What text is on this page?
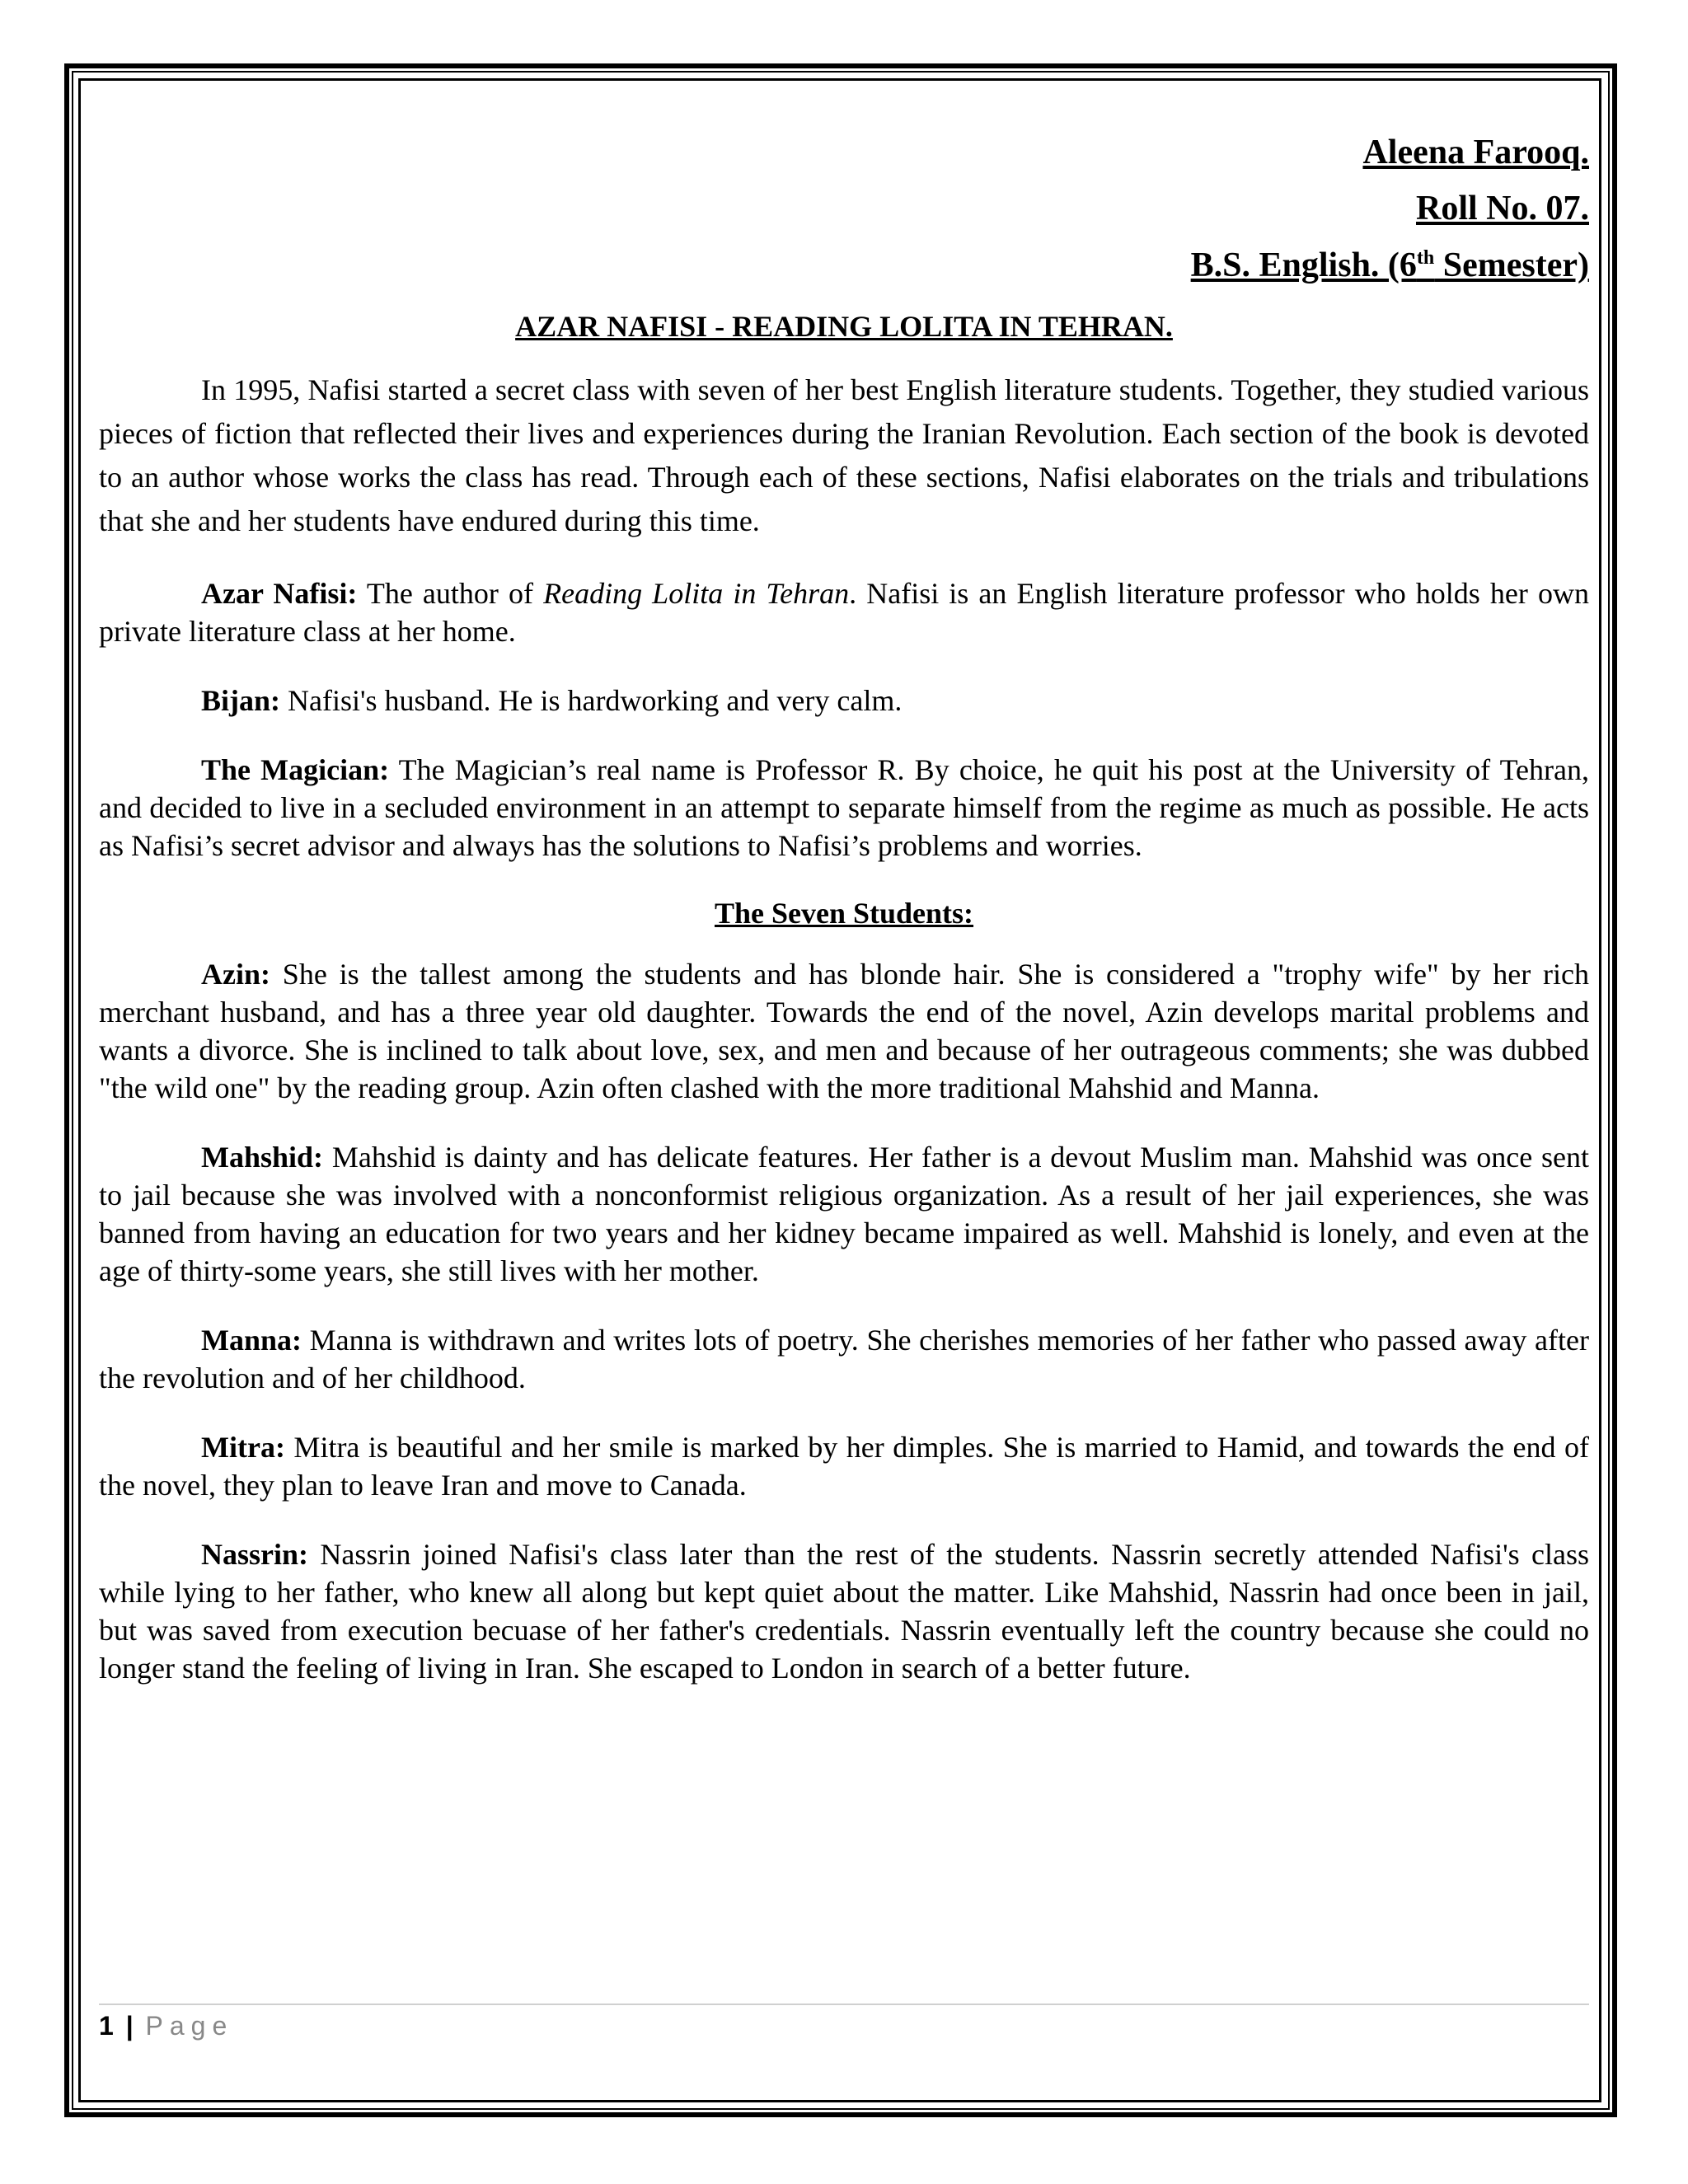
Aleena Farooq.
Roll No. 07.
B.S. English. (6th Semester)
AZAR NAFISI - READING LOLITA IN TEHRAN.

In 1995, Nafisi started a secret class with seven of her best English literature students. Together, they studied various pieces of fiction that reflected their lives and experiences during the Iranian Revolution. Each section of the book is devoted to an author whose works the class has read. Through each of these sections, Nafisi elaborates on the trials and tribulations that she and her students have endured during this time.

Azar Nafisi: The author of Reading Lolita in Tehran. Nafisi is an English literature professor who holds her own private literature class at her home.

Bijan: Nafisi's husband. He is hardworking and very calm.

The Magician: The Magician’s real name is Professor R. By choice, he quit his post at the University of Tehran, and decided to live in a secluded environment in an attempt to separate himself from the regime as much as possible. He acts as Nafisi’s secret advisor and always has the solutions to Nafisi’s problems and worries.

The Seven Students:

Azin: She is the tallest among the students and has blonde hair. She is considered a "trophy wife" by her rich merchant husband, and has a three year old daughter. Towards the end of the novel, Azin develops marital problems and wants a divorce. She is inclined to talk about love, sex, and men and because of her outrageous comments; she was dubbed "the wild one" by the reading group. Azin often clashed with the more traditional Mahshid and Manna.

Mahshid: Mahshid is dainty and has delicate features. Her father is a devout Muslim man. Mahshid was once sent to jail because she was involved with a nonconformist religious organization. As a result of her jail experiences, she was banned from having an education for two years and her kidney became impaired as well. Mahshid is lonely, and even at the age of thirty-some years, she still lives with her mother.

Manna: Manna is withdrawn and writes lots of poetry. She cherishes memories of her father who passed away after the revolution and of her childhood.

Mitra: Mitra is beautiful and her smile is marked by her dimples. She is married to Hamid, and towards the end of the novel, they plan to leave Iran and move to Canada.

Nassrin: Nassrin joined Nafisi's class later than the rest of the students. Nassrin secretly attended Nafisi's class while lying to her father, who knew all along but kept quiet about the matter. Like Mahshid, Nassrin had once been in jail, but was saved from execution becuase of her father's credentials. Nassrin eventually left the country because she could no longer stand the feeling of living in Iran. She escaped to London in search of a better future.

1 | Page
